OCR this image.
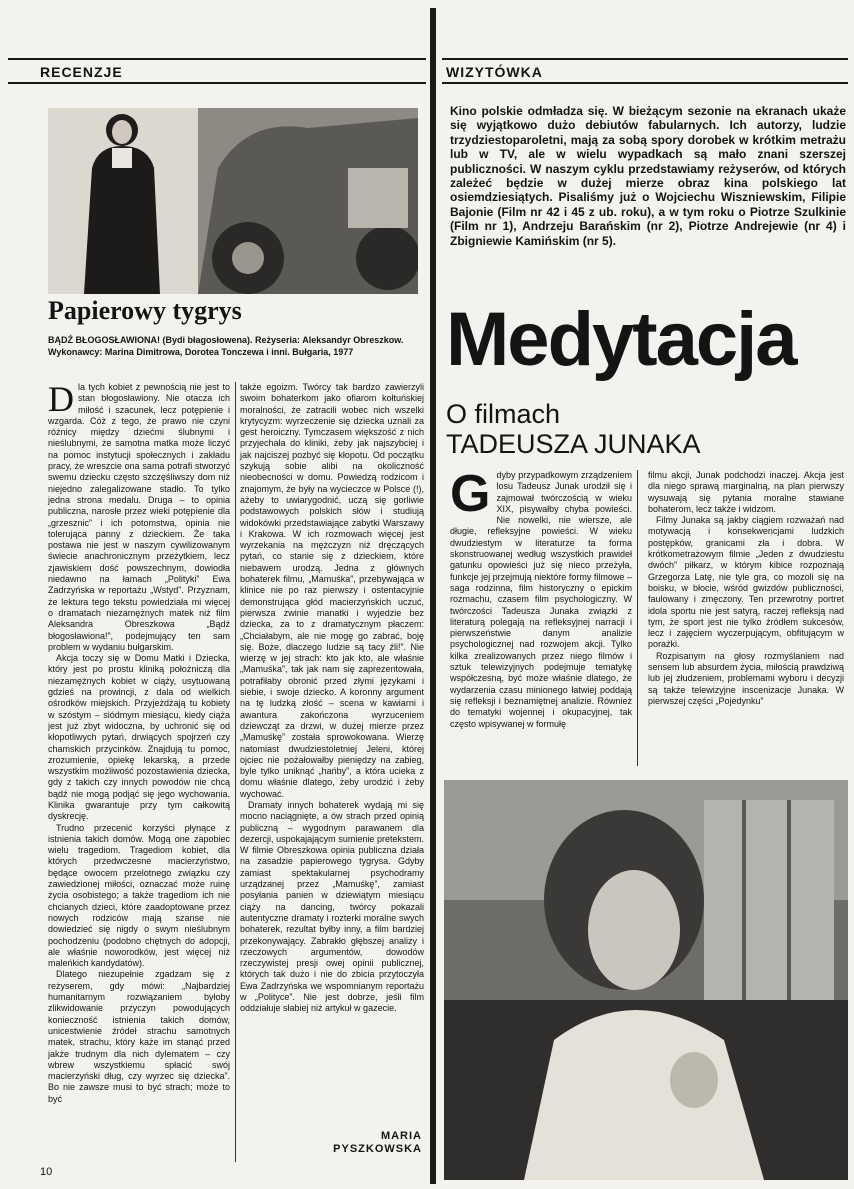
RECENZJE	WIZYTÓWKA
Papierowy tygrys
BĄDŹ BŁOGOSŁAWIONA! (Bydi błagosłowena). Reżyseria: Aleksandyr Obreszkow. Wykonawcy: Marina Dimitrowa, Dorotea Tonczewa i inni. Bułgaria, 1977
D la tych kobiet z pewnością nie jest to stan błogosławiony. Nie otacza ich miłość i szacunek, lecz potępienie i wzgarda. Cóż z tego, że prawo nie czyni różnicy między dziećmi ślubnymi i nieślubnymi, że samotna matka może liczyć na pomoc instytucji społecznych i zakładu pracy, że wreszcie ona sama potrafi stworzyć swemu dziecku często szczęśliwszy dom niż niejedno zalegalizowane stadło. To tylko jedna strona medalu. Druga – to opinia publiczna, narosłe przez wieki potępienie dla „grzesznic” i ich potomstwa, opinia nie tolerująca panny z dzieckiem. Że taka postawa nie jest w naszym cywilizowanym świecie anachronicznym przeżytkiem, lecz zjawiskiem dość powszechnym, dowiodła niedawno na łamach „Polityki” Ewa Zadrzyńska w reportażu „Wstyd”. Przyznam, że lektura tego tekstu powiedziała mi więcej o dramatach niezamężnych matek niż film Aleksandra Obreszkowa „Bądź błogosławiona!”, podejmujący ten sam problem w wydaniu bułgarskim.

Akcja toczy się w Domu Matki i Dziecka, który jest po prostu kliniką położniczą dla niezamężnych kobiet w ciąży, usytuowaną gdzieś na prowincji, z dala od wielkich ośrodków miejskich. Przyjeżdżają tu kobiety w szóstym – siódmym miesiącu, kiedy ciąża jest już zbyt widoczna, by uchronić się od kłopotliwych pytań, drwiących spojrzeń czy chamskich przycinków. Znajdują tu pomoc, zrozumienie, opiekę lekarską, a przede wszystkim możliwość pozostawienia dziecka, gdy z takich czy innych powodów nie chcą bądź nie mogą podjąć się jego wychowania. Klinika gwarantuje przy tym całkowitą dyskrecję.

Trudno przecenić korzyści płynące z istnienia takich domów. Mogą one zapobiec wielu tragediom. Tragediom kobiet, dla których przedwczesne macierzyństwo, będące owocem przelotnego związku czy zawiedzionej miłości, oznaczać może ruinę życia osobistego; a także tragediom ich nie chcianych dzieci, które zaadoptowane przez nowych rodziców mają szanse nie dowiedzieć się nigdy o swym nieślubnym pochodzeniu (podobno chętnych do adopcji, ale właśnie noworodków, jest więcej niż maleńkich kandydatów).

Dlatego niezupełnie zgadzam się z reżyserem, gdy mówi: „Najbardziej humanitarnym rozwiązaniem byłoby zlikwidowanie przyczyn powodujących konieczność istnienia takich domów, unicestwienie źródeł strachu samotnych matek, strachu, który każe im stanąć przed jakże trudnym dla nich dylematem – czy wbrew wszystkiemu spłacić swój macierzyński dług, czy wyrzec się dziecka”. Bo nie zawsze musi to być strach; może to być

także egoizm. Twórcy tak bardzo zawierzyli swoim bohaterkom jako ofiarom kołtuńskiej moralności, że zatracili wobec nich wszelki krytycyzm: wyrzeczenie się dziecka uznali za gest heroiczny. Tymczasem większość z nich przyjechała do kliniki, żeby jak najszybciej i jak najciszej pozbyć się kłopotu. Od początku szykują sobie alibi na okoliczność nieobecności w domu. Powiedzą rodzicom i znajomym, że były na wycieczce w Polsce (!), ażeby to uwiarygodnić, uczą się gorliwie podstawowych polskich słów i studiują widokówki przedstawiające zabytki Warszawy i Krakowa. W ich rozmowach więcej jest wyrzekania na mężczyzn niż dręczących pytań, co stanie się z dzieckiem, które niebawem urodzą. Jedna z głównych bohaterek filmu, „Mamuśka”, przebywająca w klinice nie po raz pierwszy i ostentacyjnie demonstrująca głód macierzyńskich uczuć, pierwsza zwinie manatki i wyjedzie bez dziecka, za to z dramatycznym płaczem: „Chciałabym, ale nie mogę go zabrać, boję się. Boże, dlaczego ludzie są tacy źli!”. Nie wierzę w jej strach: kto jak kto, ale właśnie „Mamuśka”, tak jak nam się zaprezentowała, potrafiłaby obronić przed złymi językami i siebie, i swoje dziecko. A koronny argument na tę ludzką złość – scena w kawiarni i awantura zakończona wyrzuceniem dziewcząt za drzwi, w dużej mierze przez „Mamuśkę” została sprowokowana. Wierzę natomiast dwudziestoletniej Jeleni, której ojciec nie pożałowałby pieniędzy na zabieg, byle tylko uniknąć „hańby”, a która ucieka z domu właśnie dlatego, żeby urodzić i żeby wychować.

Dramaty innych bohaterek wydają mi się mocno naciągnięte, a ów strach przed opinią publiczną – wygodnym parawanem dla dezercji, uspokajającym sumienie pretekstem. W filmie Obreszkowa opinia publiczna działa na zasadzie papierowego tygrysa. Gdyby zamiast spektakularnej psychodramy urządzanej przez „Mamuśkę”, zamiast posyłania panien w dziewiątym miesiącu ciąży na dancing, twórcy pokazali autentyczne dramaty i rozterki moralne swych bohaterek, rezultat byłby inny, a film bardziej przekonywający. Zabrakło głębszej analizy i rzeczowych argumentów, dowodów rzeczywistej presji owej opinii publicznej, których tak dużo i nie do zbicia przytoczyła Ewa Zadrzyńska we wspomnianym reportażu w „Polityce”. Nie jest dobrze, jeśli film oddziałuje słabiej niż artykuł w gazecie.

MARIA
PYSZKOWSKA
10
Kino polskie odmładza się. W bieżącym sezonie na ekranach ukaże się wyjątkowo dużo debiutów fabularnych. Ich autorzy, ludzie trzydziestoparoletni, mają za sobą spory dorobek w krótkim metrażu lub w TV, ale w wielu wypadkach są mało znani szerszej publiczności. W naszym cyklu przedstawiamy reżyserów, od których zależeć będzie w dużej mierze obraz kina polskiego lat osiemdziesiątych. Pisaliśmy już o Wojciechu Wiszniewskim, Filipie Bajonie (Film nr 42 i 45 z ub. roku), a w tym roku o Piotrze Szulkinie (Film nr 1), Andrzeju Barańskim (nr 2), Piotrze Andrejewie (nr 4) i Zbigniewie Kamińskim (nr 5).
Medytacja
O filmach
TADEUSZA JUNAKA
G dyby przypadkowym zrządzeniem losu Tadeusz Junak urodził się i zajmował twórczością w wieku XIX, pisywałby chyba powieści. Nie nowelki, nie wiersze, ale długie, refleksyjne powieści. W wieku dwudziestym w literaturze ta forma skonstruowanej według wszystkich prawideł gatunku opowieści już się nieco przeżyła, funkcje jej przejmują niektóre formy filmowe – saga rodzinna, film historyczny o epickim rozmachu, czasem film psychologiczny. W twórczości Tadeusza Junaka związki z literaturą polegają na refleksyjnej narracji i pierwszeństwie danym analizie psychologicznej nad rozwojem akcji. Tylko kilka zrealizowanych przez niego filmów i sztuk telewizyjnych podejmuje tematykę współczesną, być może właśnie dlatego, że wydarzenia czasu minionego łatwiej poddają się refleksji i beznamiętnej analizie. Również do tematyki wojennej i okupacyjnej, tak często wpisywanej w formułę

filmu akcji, Junak podchodzi inaczej. Akcja jest dla niego sprawą marginalną, na plan pierwszy wysuwają się pytania moralne stawiane bohaterom, lecz także i widzom.

Filmy Junaka są jakby ciągiem rozważań nad motywacją i konsekwencjami ludzkich postępków, granicami zła i dobra. W krótkometrażowym filmie „Jeden z dwudziestu dwóch” piłkarz, w którym kibice rozpoznają Grzegorza Latę, nie tyle gra, co mozoli się na boisku, w błocie, wśród gwizdów publiczności, faulowany i zmęczony. Ten przewrotny portret idola sportu nie jest satyrą, raczej refleksją nad tym, że sport jest nie tylko źródłem sukcesów, lecz i zajęciem wyczerpującym, obfitującym w porażki.

Rozpisanym na głosy rozmyślaniem nad sensem lub absurdem życia, miłością prawdziwą lub jej złudzeniem, problemami wyboru i decyzji są także telewizyjne inscenizacje Junaka. W pierwszej części „Pojedynku”
